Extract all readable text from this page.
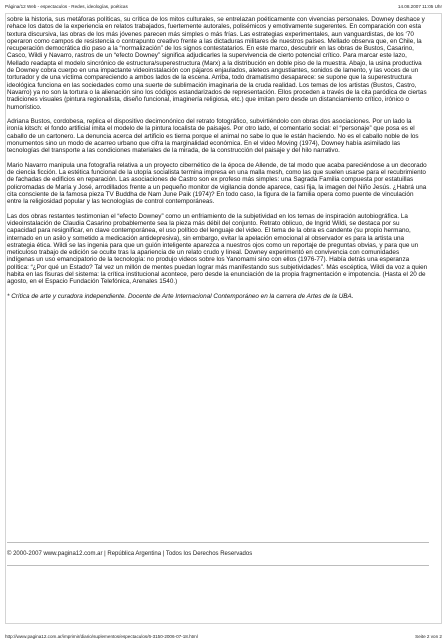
Página/12 Web - espectaculos - Redes, ideologías, poéticas	14.08.2007 11:05 Uhr

sobre la historia, sus metáforas políticas, su crítica de los mitos culturales, se entrelazan poéticamente con vivencias personales. Downey deshace y rehace los datos de la experiencia en relatos trabajados, fuertemente autorales, polisémicos y emotivamente sugerentes. En comparación con esta textura discursiva, las obras de los más jóvenes parecen más simples o más frías. Las estrategias experimentales, aun vanguardistas, de los ‘70 operaron como campos de resistencia o contrapunto creativo frente a las dictaduras militares de nuestros países. Mellado observa que, en Chile, la recuperación democrática dio paso a la “normalización” de los signos contestatarios. En este marco, descubrir en las obras de Bustos, Casarino, Casco, Wildi y Navarro, rastros de un “efecto Downey” significa adjudicarles la supervivencia de cierto potencial crítico. Para marcar este lazo, Mellado readapta el modelo sincrónico de estructura/superestructura (Marx) a la distribución en doble piso de la muestra. Abajo, la usina productiva de Downey cobra cuerpo en una impactante videoinstalación con pájaros enjaulados, aleteos angustiantes, sonidos de lamento, y las voces de un torturador y de una víctima compareciendo a ambos lados de la escena. Arriba, todo dramatismo desaparece: se supone que la superestructura ideológica funciona en las sociedades como una suerte de sublimación imaginaria de la cruda realidad. Los temas de los artistas (Bustos, Castro, Navarro) ya no son la tortura o la alienación sino los códigos estandarizados de representación. Ellos proceden a través de la cita paródica de ciertas tradiciones visuales (pintura regionalista, diseño funcional, imaginería religiosa, etc.) que imitan pero desde un distanciamiento crítico, irónico o humorístico.

Adriana Bustos, cordobesa, replica el dispositivo decimonónico del retrato fotográfico, subvirtiéndolo con obras dos asociaciones. Por un lado la ironía kitsch: el fondo artificial imita el modelo de la pintura localista de paisajes. Por otro lado, el comentario social: el “personaje” que posa es el caballo de un cartonero. La denuncia acerca del artificio es tierna porque el animal no sabe lo que le están haciendo. No es el caballo noble de los monumentos sino un modo de acarreo urbano que cifra la marginalidad económica. En el video Moving (1974), Downey había asimilado las tecnologías del transporte a las condiciones materiales de la mirada, de la construcción del paisaje y del hilo narrativo.

Mario Navarro manipula una fotografía relativa a un proyecto cibernético de la época de Allende, de tal modo que acaba pareciéndose a un decorado de ciencia ficción. La estética funcional de la utopía socialista termina impresa en una malla mesh, como las que suelen usarse para el recubrimiento de fachadas de edificios en reparación. Las asociaciones de Castro son ex profeso más simples: una Sagrada Familia compuesta por estatuillas policromadas de María y José, arrodillados frente a un pequeño monitor de vigilancia donde aparece, casi fija, la imagen del Niño Jesús. ¿Habrá una cita consciente de la famosa pieza TV Buddha de Nam June Paik (1974)? En todo caso, la figura de la familia opera como puente de vinculación entre la religiosidad popular y las tecnologías de control contemporáneas.

Las dos obras restantes testimonian el “efecto Downey” como un enfriamiento de la subjetividad en los temas de inspiración autobiográfica. La videoinstalación de Claudia Casarino probablemente sea la pieza más débil del conjunto. Retrato oblicuo, de Ingrid Wildi, se destaca por su capacidad para resignificar, en clave contemporánea, el uso político del lenguaje del video. El tema de la obra es candente (su propio hermano, internado en un asilo y sometido a medicación antidepresiva), sin embargo, evitar la apelación emocional al observador es para la artista una estrategia ética. Wildi se las ingenia para que un guión inteligente aparezca a nuestros ojos como un reportaje de preguntas obvias, y para que un meticuloso trabajo de edición se oculte tras la apariencia de un relato crudo y lineal. Downey experimentó en convivencia con comunidades indígenas un uso emancipatorio de la tecnología: no produjo videos sobre los Yanomami sino con ellos (1976-77). Había detrás una esperanza política: “¿Por qué un Estado? Tal vez un millón de mentes puedan lograr más manifestando sus subjetividades”. Más escéptica, Wildi da voz a quien habita en las fisuras del sistema: la crítica institucional acontece, pero desde la enunciación de la propia fragmentación e impotencia. (Hasta el 20 de agosto, en el Espacio Fundación Telefónica, Arenales 1540.)

* Crítica de arte y curadora independiente. Docente de Arte Internacional Contemporáneo en la carrera de Artes de la UBA.

© 2000-2007 www.pagina12.com.ar | República Argentina | Todos los Derechos Reservados
http://www.pagina12.com.ar/imprimir/diario/suplementos/espectaculos/6-3150-2006-07-18.html	Seite 2 von 2
